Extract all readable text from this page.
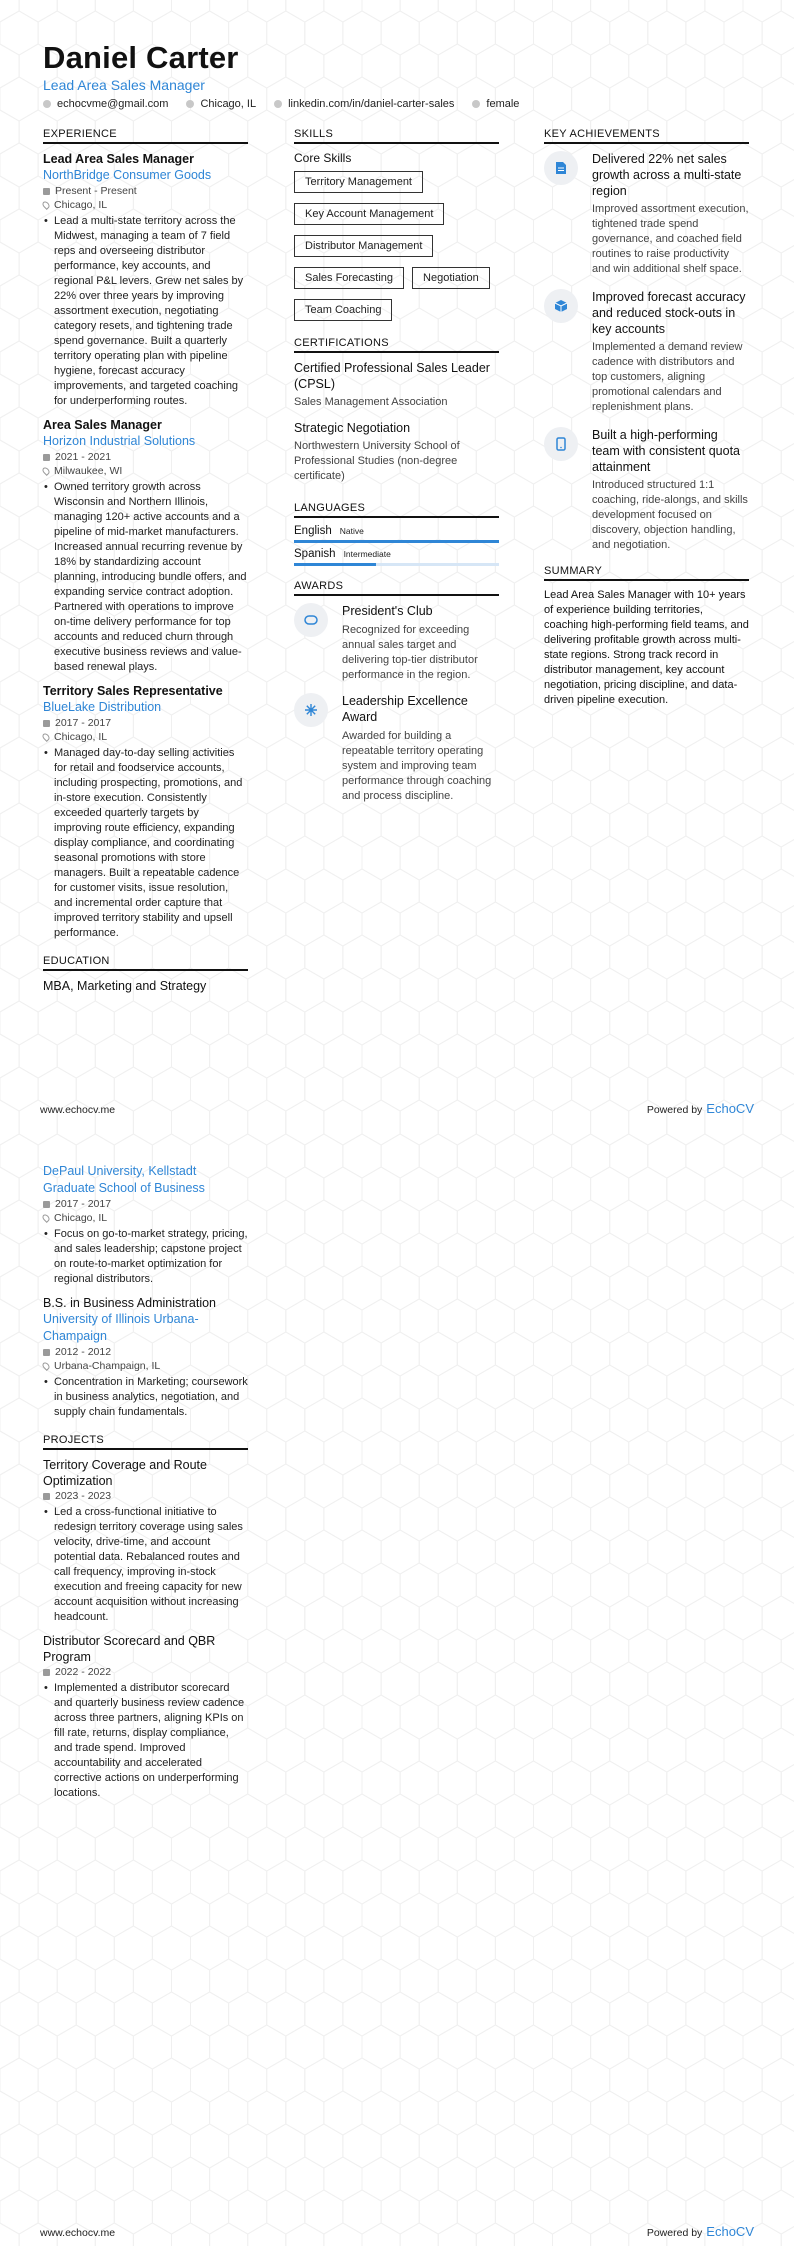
Daniel Carter
Lead Area Sales Manager
echocvme@gmail.com	Chicago, IL	linkedin.com/in/daniel-carter-sales	female
EXPERIENCE
Lead Area Sales Manager
NorthBridge Consumer Goods
Present - Present
Chicago, IL
• Lead a multi-state territory across the Midwest, managing a team of 7 field reps and overseeing distributor performance, key accounts, and regional P&L levers. Grew net sales by 22% over three years by improving assortment execution, negotiating category resets, and tightening trade spend governance. Built a quarterly territory operating plan with pipeline hygiene, forecast accuracy improvements, and targeted coaching for underperforming routes.
Area Sales Manager
Horizon Industrial Solutions
2021 - 2021
Milwaukee, WI
• Owned territory growth across Wisconsin and Northern Illinois, managing 120+ active accounts and a pipeline of mid-market manufacturers. Increased annual recurring revenue by 18% by standardizing account planning, introducing bundle offers, and expanding service contract adoption. Partnered with operations to improve on-time delivery performance for top accounts and reduced churn through executive business reviews and value-based renewal plays.
Territory Sales Representative
BlueLake Distribution
2017 - 2017
Chicago, IL
• Managed day-to-day selling activities for retail and foodservice accounts, including prospecting, promotions, and in-store execution. Consistently exceeded quarterly targets by improving route efficiency, expanding display compliance, and coordinating seasonal promotions with store managers. Built a repeatable cadence for customer visits, issue resolution, and incremental order capture that improved territory stability and upsell performance.
EDUCATION
MBA, Marketing and Strategy
SKILLS
Core Skills
Territory Management
Key Account Management
Distributor Management
Sales Forecasting	Negotiation
Team Coaching
CERTIFICATIONS
Certified Professional Sales Leader (CPSL)
Sales Management Association
Strategic Negotiation
Northwestern University School of Professional Studies (non-degree certificate)
LANGUAGES
English Native
Spanish Intermediate
AWARDS
President's Club
Recognized for exceeding annual sales target and delivering top-tier distributor performance in the region.
Leadership Excellence Award
Awarded for building a repeatable territory operating system and improving team performance through coaching and process discipline.
KEY ACHIEVEMENTS
Delivered 22% net sales growth across a multi-state region
Improved assortment execution, tightened trade spend governance, and coached field routines to raise productivity and win additional shelf space.
Improved forecast accuracy and reduced stock-outs in key accounts
Implemented a demand review cadence with distributors and top customers, aligning promotional calendars and replenishment plans.
Built a high-performing team with consistent quota attainment
Introduced structured 1:1 coaching, ride-alongs, and skills development focused on discovery, objection handling, and negotiation.
SUMMARY
Lead Area Sales Manager with 10+ years of experience building territories, coaching high-performing field teams, and delivering profitable growth across multi-state regions. Strong track record in distributor management, key account negotiation, pricing discipline, and data-driven pipeline execution.
www.echocv.me	Powered by EchoCV
DePaul University, Kellstadt Graduate School of Business
2017 - 2017
Chicago, IL
• Focus on go-to-market strategy, pricing, and sales leadership; capstone project on route-to-market optimization for regional distributors.
B.S. in Business Administration
University of Illinois Urbana-Champaign
2012 - 2012
Urbana-Champaign, IL
• Concentration in Marketing; coursework in business analytics, negotiation, and supply chain fundamentals.
PROJECTS
Territory Coverage and Route Optimization
2023 - 2023
• Led a cross-functional initiative to redesign territory coverage using sales velocity, drive-time, and account potential data. Rebalanced routes and call frequency, improving in-stock execution and freeing capacity for new account acquisition without increasing headcount.
Distributor Scorecard and QBR Program
2022 - 2022
• Implemented a distributor scorecard and quarterly business review cadence across three partners, aligning KPIs on fill rate, returns, display compliance, and trade spend. Improved accountability and accelerated corrective actions on underperforming locations.
www.echocv.me	Powered by EchoCV
